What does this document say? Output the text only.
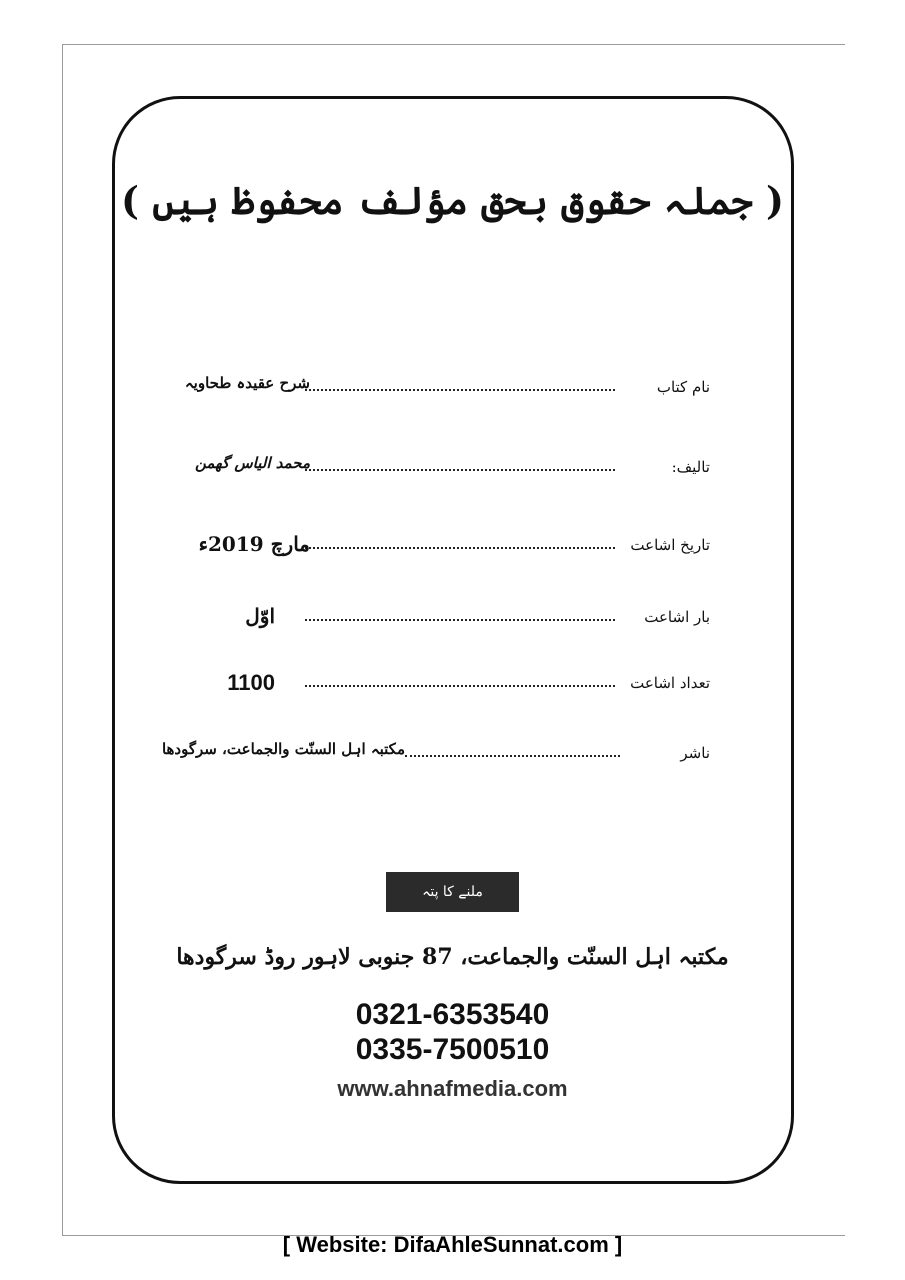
( جملہ حقوق بحق مؤلف محفوظ ہیں )
نام کتاب
شرح عقیدہ طحاویہ
تالیف:
محمد الیاس گھمن
تاریخ اشاعت
مارچ 2019ء
بار اشاعت
اوّل
تعداد اشاعت
1100
ناشر
مکتبہ اہل السنّت والجماعت، سرگودھا
ملنے کا پتہ
مکتبہ اہل السنّت والجماعت، 87 جنوبی لاہور روڈ سرگودھا
0321-6353540
0335-7500510
www.ahnafmedia.com
[ Website: DifaAhleSunnat.com ]
